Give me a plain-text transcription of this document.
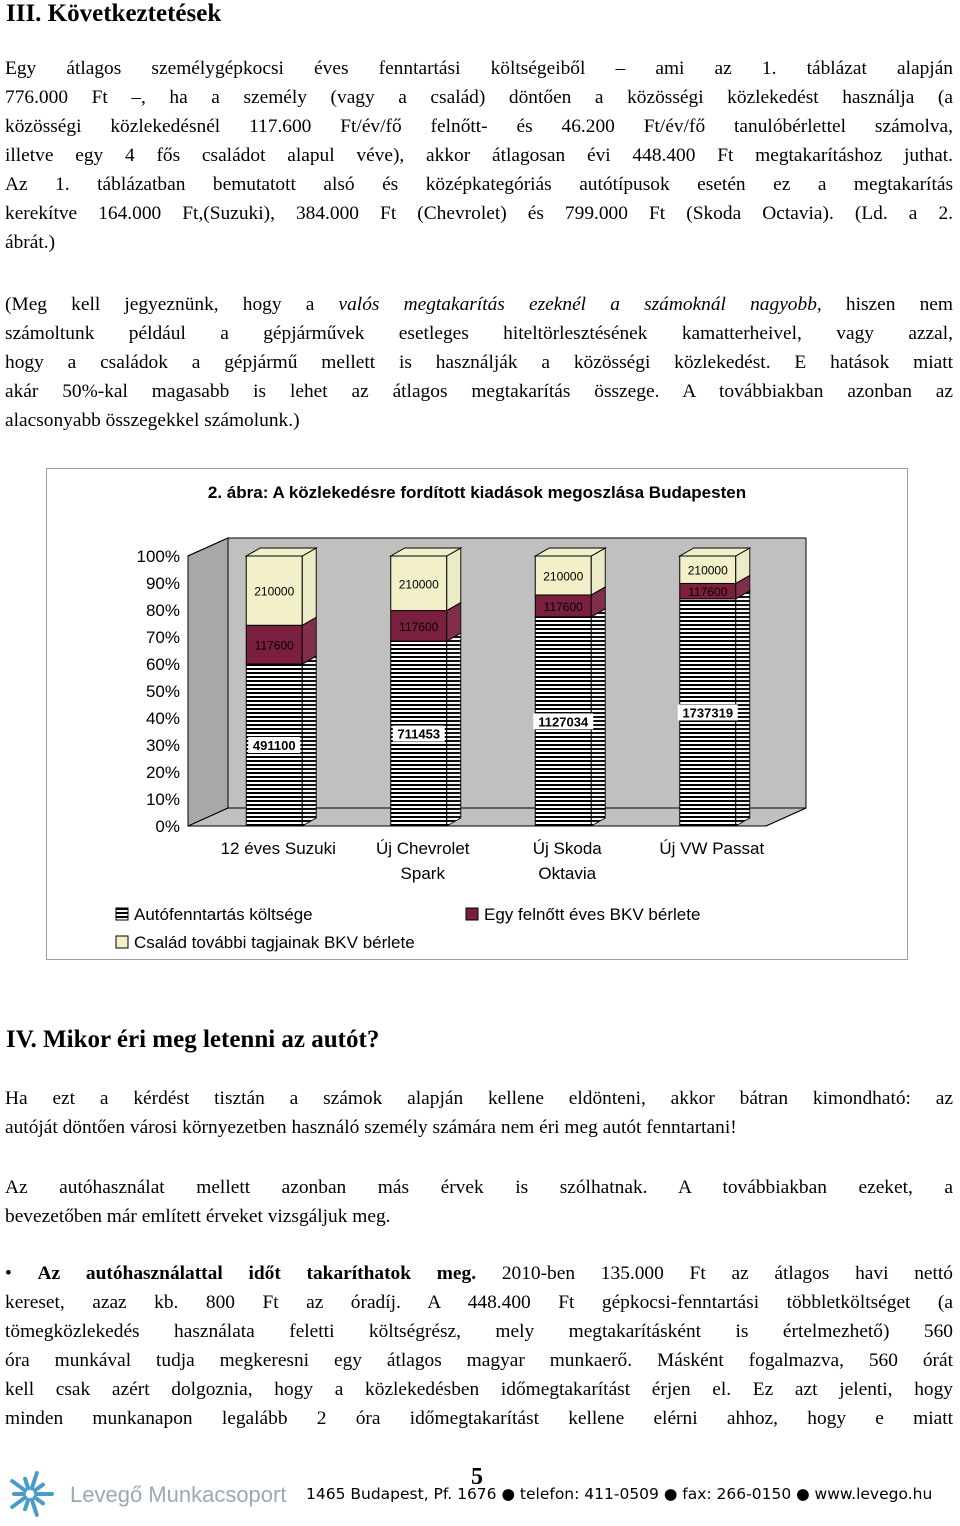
III. Következtetések
Egy átlagos személygépkocsi éves fenntartási költségeiből – ami az 1. táblázat alapján
776.000 Ft –, ha a személy (vagy a család) döntően a közösségi közlekedést használja (a
közösségi közlekedésnél 117.600 Ft/év/fő felnőtt- és 46.200 Ft/év/fő tanulóbérlettel számolva,
illetve egy 4 fős családot alapul véve), akkor átlagosan évi 448.400 Ft megtakarításhoz juthat.
Az 1. táblázatban bemutatott alsó és középkategóriás autótípusok esetén ez a megtakarítás
kerekítve 164.000 Ft,(Suzuki), 384.000 Ft (Chevrolet) és 799.000 Ft (Skoda Octavia). (Ld. a 2.
ábrát.)
(Meg kell jegyeznünk, hogy a valós megtakarítás ezeknél a számoknál nagyobb, hiszen nem
számoltunk például a gépjárművek esetleges hiteltörlesztésének kamatterheivel, vagy azzal,
hogy a családok a gépjármű mellett is használják a közösségi közlekedést. E hatások miatt
akár 50%-kal magasabb is lehet az átlagos megtakarítás összege. A továbbiakban azonban az
alacsonyabb összegekkel számolunk.)
2. ábra: A közlekedésre fordított kiadások megoszlása Budapesten
100%
90%
80%
70%
60%
50%
40%
30%
20%
10%
0%
491100
117600
210000
711453
117600
210000
1127034
117600
210000
1737319
117600
210000
12 éves Suzuki Új Chevrolet
Spark
Új Skoda
Oktavia
Új VW Passat
Autófenntartás költsége	Egy felnőtt éves BKV bérlete
Család további tagjainak BKV bérlete
IV. Mikor éri meg letenni az autót?
Ha ezt a kérdést tisztán a számok alapján kellene eldönteni, akkor bátran kimondható: az
autóját döntően városi környezetben használó személy számára nem éri meg autót fenntartani!
Az autóhasználat mellett azonban más érvek is szólhatnak. A továbbiakban ezeket, a
bevezetőben már említett érveket vizsgáljuk meg.
• Az autóhasználattal időt takaríthatok meg. 2010-ben 135.000 Ft az átlagos havi nettó
kereset, azaz kb. 800 Ft az óradíj. A 448.400 Ft gépkocsi-fenntartási többletköltséget (a
tömegközlekedés használata feletti költségrész, mely megtakarításként is értelmezhető) 560
óra munkával tudja megkeresni egy átlagos magyar munkaerő. Másként fogalmazva, 560 órát
kell csak azért dolgoznia, hogy a közlekedésben időmegtakarítást érjen el. Ez azt jelenti, hogy
minden munkanapon legalább 2 óra időmegtakarítást kellene elérni ahhoz, hogy e miatt
Levegő Munkacsoport
5
1465 Budapest, Pf. 1676 ● telefon: 411-0509 ● fax: 266-0150 ● www.levego.hu
